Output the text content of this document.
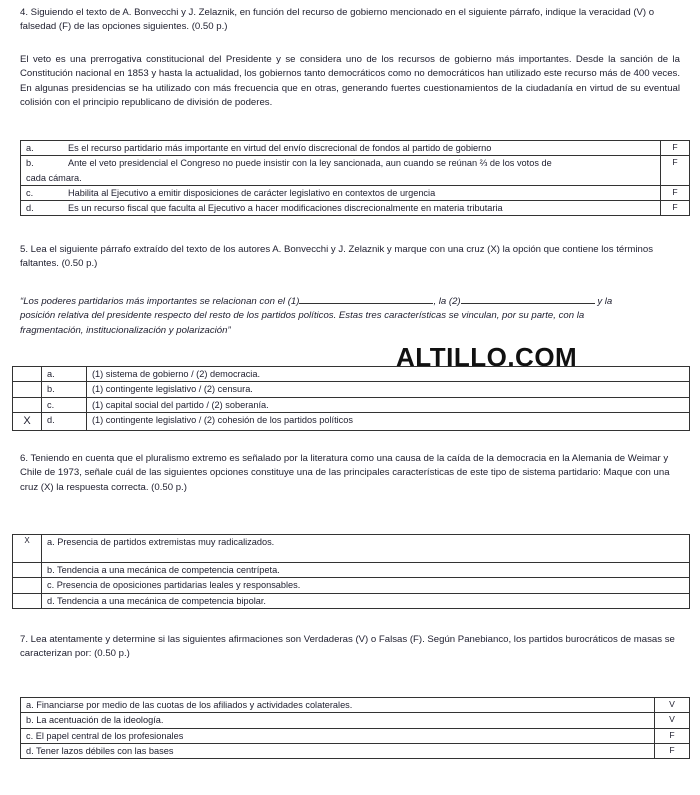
4. Siguiendo el texto de A. Bonvecchi y J. Zelaznik, en función del recurso de gobierno mencionado en el siguiente párrafo, indique la veracidad (V) o falsedad (F) de las opciones siguientes. (0.50 p.)

El veto es una prerrogativa constitucional del Presidente y se considera uno de los recursos de gobierno más importantes. Desde la sanción de la Constitución nacional en 1853 y hasta la actualidad, los gobiernos tanto democráticos como no democráticos han utilizado este recurso más de 400 veces. En algunas presidencias se ha utilizado con más frecuencia que en otras, generando fuertes cuestionamientos de la ciudadanía en virtud de su eventual colisión con el principio republicano de división de poderes.

a. Es el recurso partidario más importante en virtud del envío discrecional de fondos al partido de gobierno	F
b. Ante el veto presidencial el Congreso no puede insistir con la ley sancionada, aun cuando se reúnan ⅔ de los votos de
cada cámara.	F
c. Habilita al Ejecutivo a emitir disposiciones de carácter legislativo en contextos de urgencia	F
d. Es un recurso fiscal que faculta al Ejecutivo a hacer modificaciones discrecionalmente en materia tributaria	F

5. Lea el siguiente párrafo extraído del texto de los autores A. Bonvecchi y J. Zelaznik y marque con una cruz (X) la opción que contiene los términos faltantes. (0.50 p.)

“Los poderes partidarios más importantes se relacionan con el (1)	, la (2)	y la
posición relativa del presidente respecto del resto de los partidos políticos. Estas tres características se vinculan, por su parte, con la
fragmentación, institucionalización y polarización”

ALTILLO.COM
	a.	(1) sistema de gobierno / (2) democracia.
	b.	(1) contingente legislativo / (2) censura.
	c.	(1) capital social del partido / (2) soberanía.
X	d.	(1) contingente legislativo / (2) cohesión de los partidos políticos

6. Teniendo en cuenta que el pluralismo extremo es señalado por la literatura como una causa de la caída de la democracia en la Alemania de Weimar y Chile de 1973, señale cuál de las siguientes opciones constituye una de las principales características de este tipo de sistema partidario: Maque con una cruz (X) la respuesta correcta. (0.50 p.)

X	a. Presencia de partidos extremistas muy radicalizados.
	b. Tendencia a una mecánica de competencia centrípeta.
	c. Presencia de oposiciones partidarias leales y responsables.
	d. Tendencia a una mecánica de competencia bipolar.

7. Lea atentamente y determine si las siguientes afirmaciones son Verdaderas (V) o Falsas (F). Según Panebianco, los partidos burocráticos de masas se caracterizan por: (0.50 p.)

a. Financiarse por medio de las cuotas de los afiliados y actividades colaterales.	V
b. La acentuación de la ideología.	V
c. El papel central de los profesionales	F
d. Tener lazos débiles con las bases	F
